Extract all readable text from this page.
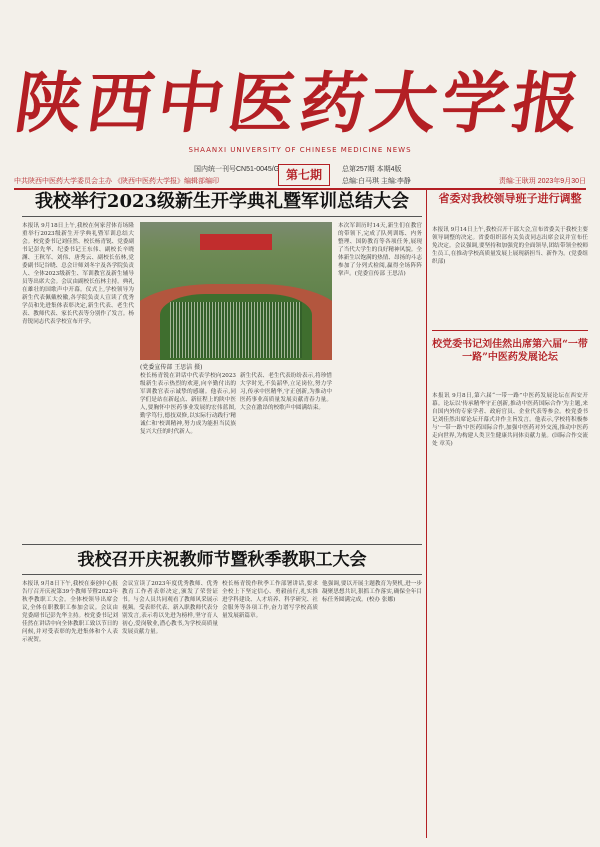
陕西中医药大学报
SHAANXI UNIVERSITY OF CHINESE MEDICINE NEWS
国内统一刊号CN51-0045/G
中共陕西中医药大学委员会主办 《陕西中医药大学报》编辑部编印
总第257期 本期4版
总编:白马琪 主编:李静	责编:王耿玥 2023年9月30日
第七期
我校举行2023级新生开学典礼暨军训总结大会
本报讯 9月18日上午,我校在何家营体育场隆重举行2023级新生开学典礼暨军训总结大会。校党委书记刘佳然、校长杨青锐、党委副书记彭先华、纪委书记王东伟、副校长辛晓渊、王秋军、刘伟、唐秀云、副校长伍林,党委副书记谷晓、总会计师刘冬宇及各学院负责人、全体2023级新生、军训教官及新生辅导员等出席大会。会议由副校长伍林主持。典礼在雄壮的国歌声中开幕。仪式上,学校领导为新生代表佩戴校徽,各学院负责人宣读了优秀学员和先进集体表彰决定,新生代表、老生代表、教师代表、家长代表等分别作了发言。杨青锐同志代表学校宣布开学。
(党委宣传部 王思洁 摄)
校长杨青锐在讲话中代表学校向2023级新生表示热烈的欢迎,向辛勤付出的军训教官表示诚挚的感谢。他表示,同学们是站在新起点、新征程上的陕中医人,要胸怀中医药事业发展的宏伟蓝图,勤学笃行,德技双修,以实际行动践行'精诚仁和'校训精神,努力成为能担当民族复兴大任的时代新人。
新生代表、老生代表纷纷表示,将珍惜大学时光,不负韶华,立足岗位,努力学习,传承中医精华,守正创新,为推动中医药事业高质量发展贡献青春力量。大会在激昂的校歌声中圆满结束。
本次军训历时14天,新生们在教官的带领下,完成了队列训练、内务整理、国防教育等各项任务,展现了当代大学生的良好精神风貌。全体新生以饱满的热情、昂扬的斗志参加了分列式检阅,赢得全场阵阵掌声。(党委宣传部 王思洁)
我校召开庆祝教师节暨秋季教职工大会
本报讯 9月8日下午,我校在秦创中心报告厅召开庆祝第39个教师节暨2023年秋季教职工大会。全体校领导出席会议,全体在职教职工参加会议。会议由党委副书记彭先华主持。校党委书记刘佳然在讲话中向全体教职工致以节日的问候,并对受表彰的先进集体和个人表示祝贺。
会议宣读了2023年度优秀教师、优秀教育工作者表彰决定,颁发了荣誉证书。与会人员共同观看了教师风采展示视频。受表彰代表、新入职教师代表分别发言,表示将以先进为榜样,坚守育人初心,爱岗敬业,潜心教书,为学校高质量发展贡献力量。
校长杨青锐作秋季工作部署讲话,要求全校上下坚定信心、勇毅前行,扎实推进学科建设、人才培养、科学研究、社会服务等各项工作,奋力谱写学校高质量发展新篇章。
他强调,要以开展主题教育为契机,进一步凝聚思想共识,狠抓工作落实,确保全年目标任务圆满完成。(校办 张娜)
省委对我校领导班子进行调整
本报讯 9月14日上午,我校召开干部大会,宣布省委关于我校主要领导调整的决定。省委组织部有关负责同志出席会议并宣布任免决定。会议强调,要坚持和加强党的全面领导,团结带领全校师生员工,在推动学校高质量发展上展现新担当、新作为。(党委组织部)
校党委书记刘佳然出席第六届“一带一路”中医药发展论坛
本报讯 9月8日,第六届“一带一路”中医药发展论坛在西安开幕。论坛以'传承精华守正创新,推动中医药国际合作'为主题,来自国内外的专家学者、政府官员、企业代表等参会。校党委书记刘佳然出席论坛开幕式并作主旨发言。他表示,学校将积极参与'一带一路'中医药国际合作,加强中医药对外交流,推动中医药走向世界,为构建人类卫生健康共同体贡献力量。(国际合作交流处 章芙)
